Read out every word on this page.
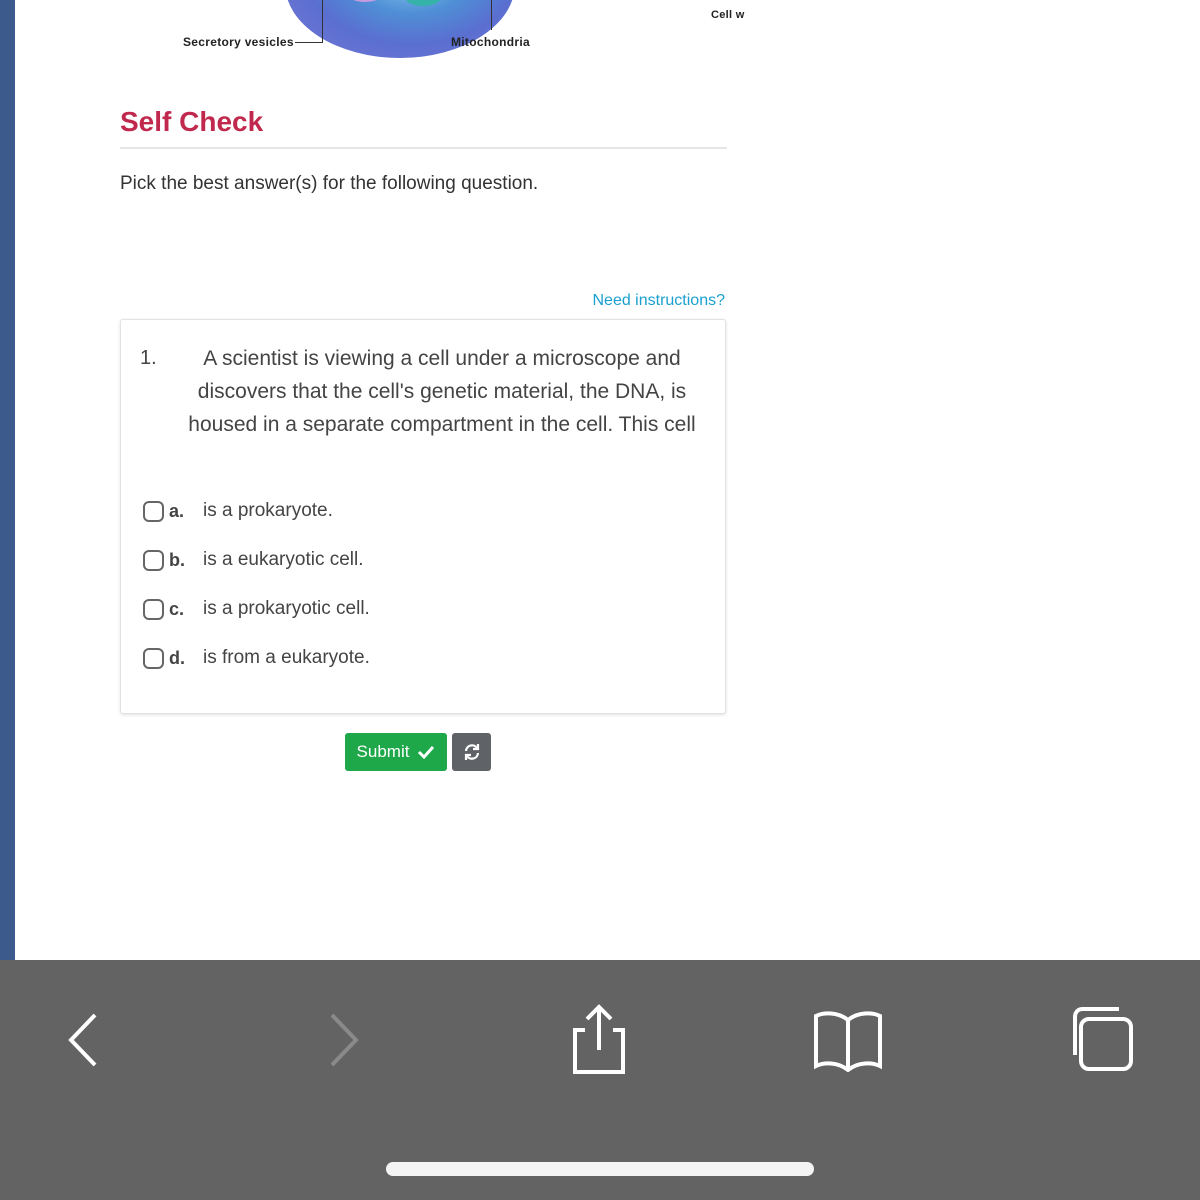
Secretory vesicles	Mitochondria
Cell w
Self Check

Pick the best answer(s) for the following question.

Need instructions?
1.	A scientist is viewing a cell under a microscope and discovers that the cell's genetic material, the DNA, is housed in a separate compartment in the cell. This cell

a. is a prokaryote.
b. is a eukaryotic cell.
c. is a prokaryotic cell.
d. is from a eukaryote.
Submit
